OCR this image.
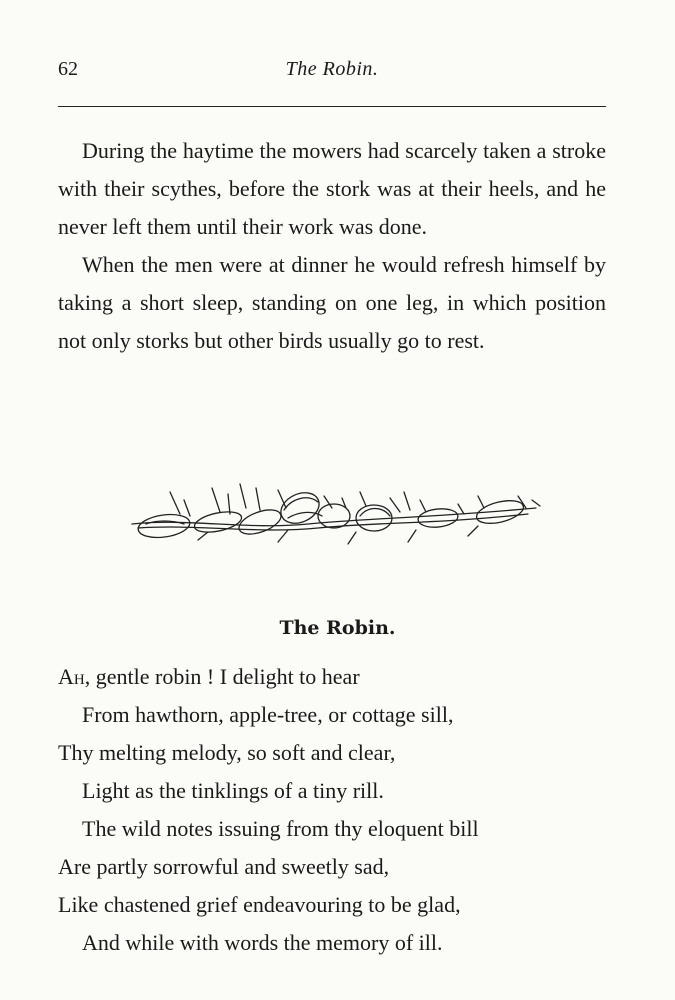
62	The Robin.

During the haytime the mowers had scarcely taken a stroke with their scythes, before the stork was at their heels, and he never left them until their work was done.

When the men were at dinner he would refresh himself by taking a short sleep, standing on one leg, in which position not only storks but other birds usually go to rest.

The Robin.
Ah, gentle robin ! I delight to hear
From hawthorn, apple-tree, or cottage sill,
Thy melting melody, so soft and clear,
Light as the tinklings of a tiny rill.
The wild notes issuing from thy eloquent bill
Are partly sorrowful and sweetly sad,
Like chastened grief endeavouring to be glad,
And while with words the memory of ill.
